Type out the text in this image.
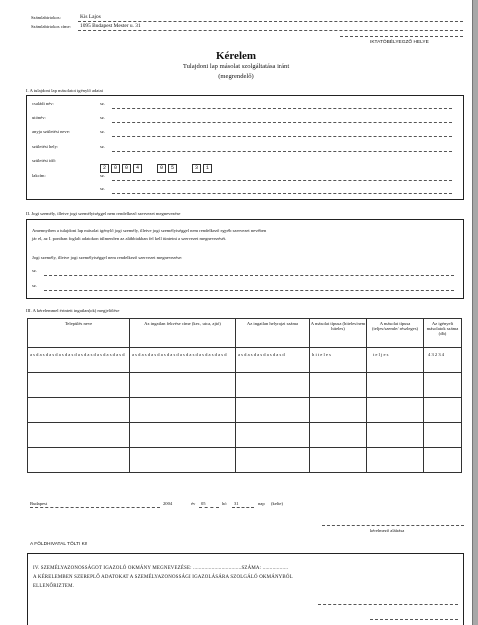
Számlabirtokos:	Kis Lajos
Számlabirtokos címe: 1095 Budapest Mester u. 31
IKTATÓBÉLYEGZŐ HELYE
Kérelem
Tulajdoni lap másolat szolgáltatása iránt
(megrendelő)
I. A tulajdoni lap másolatot igénylő adatai
családi név:	sz.
utónév:	sz.
anyja születési neve:	sz.
születési hely:	sz.
születési idő:
2 0 0 4	0 5	3 1
lakcím:	sz.
sz.
II. Jogi személy, illetve jogi személyiséggel nem rendelkező szervezet megnevezése
Amennyiben a tulajdoni lap másolat igénylő jogi személy, illetve jogi személyiséggel nem rendelkező egyéb szervezet nevében
jár el, az I. pontban foglalt adatokon túlmenően az alábbiakban fel kell tüntetni a szervezet megnevezését.
Jogi személy, illetve jogi személyiséggel nem rendelkező szervezet megnevezése:
sz.
sz.
III. A kérelemmel érintett ingatlan(ok) megjelölése
Település neve	Az ingatlan fekvése címe (ker., utca, ajtó)	Az ingatlan helyrajzi száma	A másolat típusa (hiteles/nem hiteles)	A másolat típusa (teljes/szemle/ részleges)	Az igényelt másolatok száma (db)
a s d a s d a s d a s d a s d a s d a s d a s d a s d a s d	a s d a s d a s d a s d a s d a s d a s d a s d a s d a s d	a s d a s d a s d a s d a s d	h i t e l e s	t e l j e s	4 3 2 3 4

Budapest	2004	év 05	hó 31	nap (kelte)
kérelmező aláírása
A FÖLDHIVATAL TÖLTI KI!
IV. SZEMÉLYAZONOSSÁGOT IGAZOLÓ OKMÁNY MEGNEVEZÉSE: ..................................SZÁMA: ..................
A KÉRELEMBEN SZEREPLŐ ADATOKAT A SZEMÉLYAZONOSSÁGI IGAZOLÁSÁRA SZOLGÁLÓ OKMÁNYBÓL
ELLENŐRIZTEM.
